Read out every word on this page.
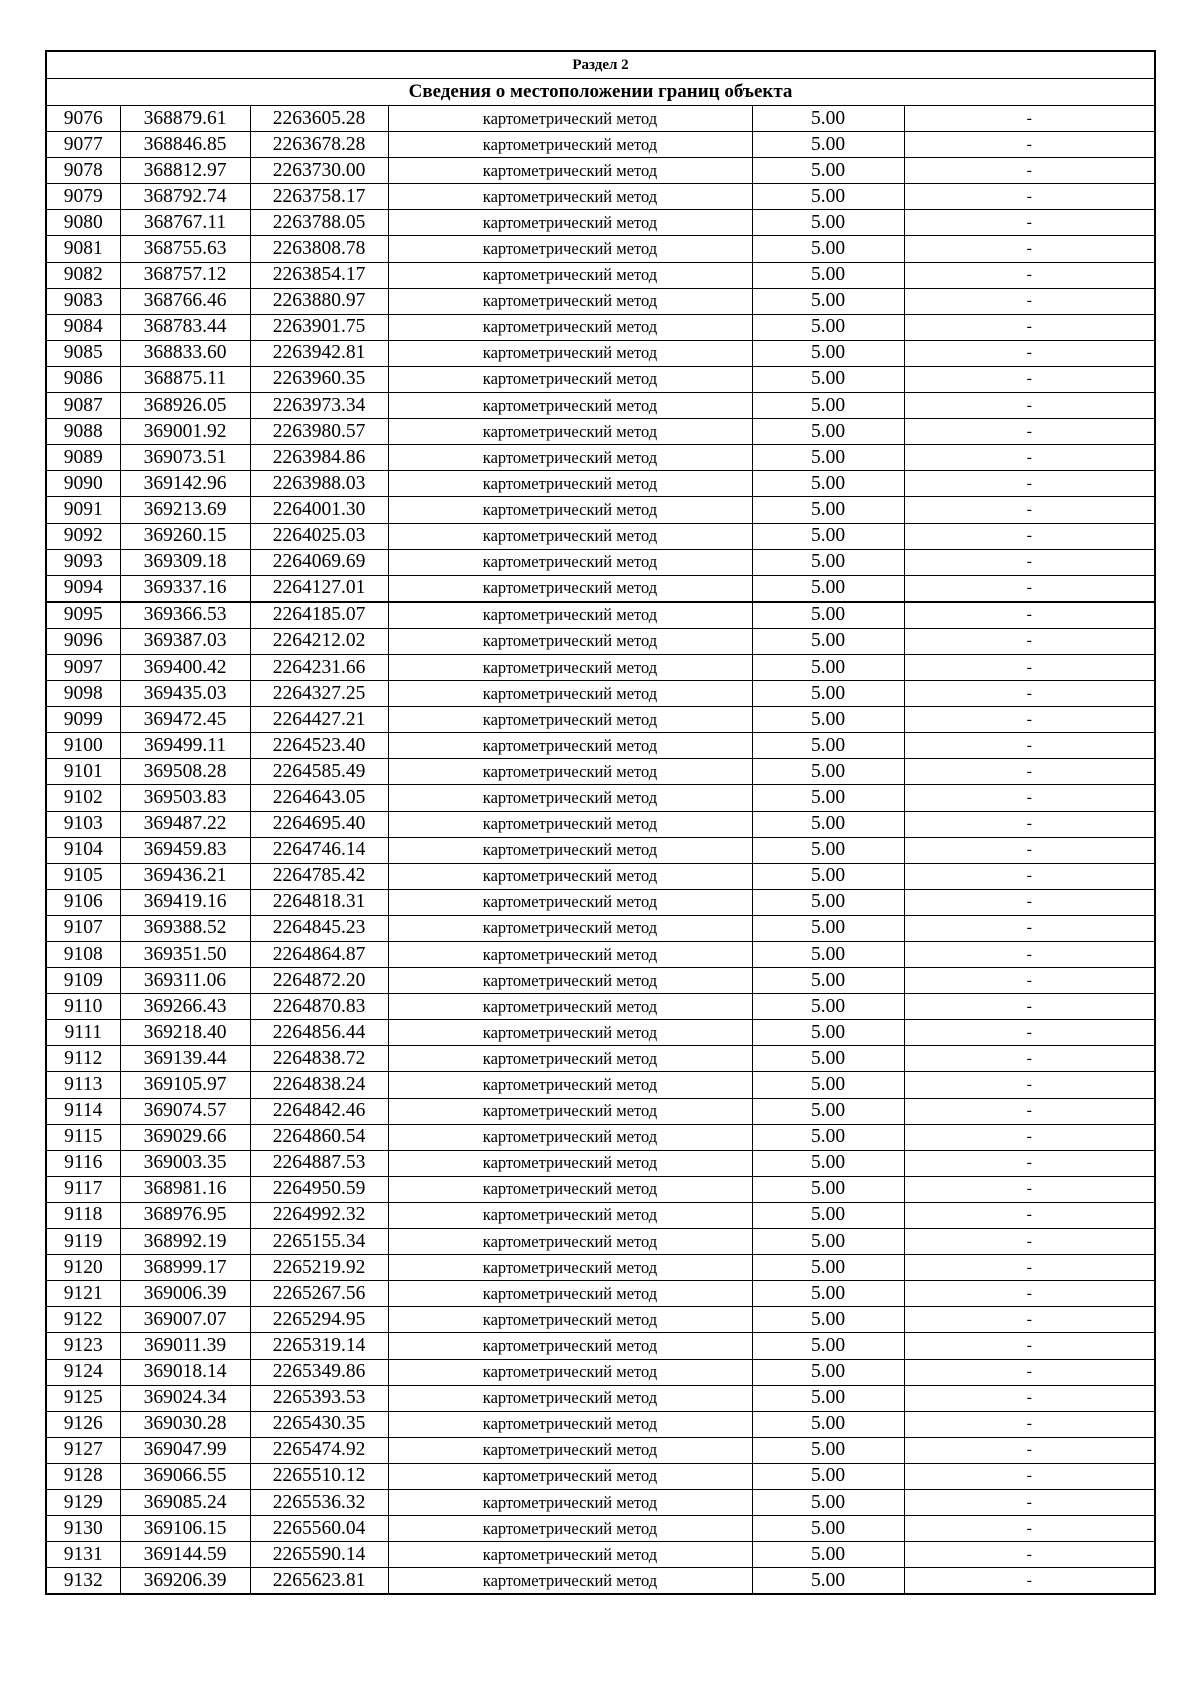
Раздел 2					
Сведения о местоположении границ объекта					
9076	368879.61	2263605.28	картометрический метод	5.00	-
9077	368846.85	2263678.28	картометрический метод	5.00	-
9078	368812.97	2263730.00	картометрический метод	5.00	-
9079	368792.74	2263758.17	картометрический метод	5.00	-
9080	368767.11	2263788.05	картометрический метод	5.00	-
9081	368755.63	2263808.78	картометрический метод	5.00	-
9082	368757.12	2263854.17	картометрический метод	5.00	-
9083	368766.46	2263880.97	картометрический метод	5.00	-
9084	368783.44	2263901.75	картометрический метод	5.00	-
9085	368833.60	2263942.81	картометрический метод	5.00	-
9086	368875.11	2263960.35	картометрический метод	5.00	-
9087	368926.05	2263973.34	картометрический метод	5.00	-
9088	369001.92	2263980.57	картометрический метод	5.00	-
9089	369073.51	2263984.86	картометрический метод	5.00	-
9090	369142.96	2263988.03	картометрический метод	5.00	-
9091	369213.69	2264001.30	картометрический метод	5.00	-
9092	369260.15	2264025.03	картометрический метод	5.00	-
9093	369309.18	2264069.69	картометрический метод	5.00	-
9094	369337.16	2264127.01	картометрический метод	5.00	-
9095	369366.53	2264185.07	картометрический метод	5.00	-
9096	369387.03	2264212.02	картометрический метод	5.00	-
9097	369400.42	2264231.66	картометрический метод	5.00	-
9098	369435.03	2264327.25	картометрический метод	5.00	-
9099	369472.45	2264427.21	картометрический метод	5.00	-
9100	369499.11	2264523.40	картометрический метод	5.00	-
9101	369508.28	2264585.49	картометрический метод	5.00	-
9102	369503.83	2264643.05	картометрический метод	5.00	-
9103	369487.22	2264695.40	картометрический метод	5.00	-
9104	369459.83	2264746.14	картометрический метод	5.00	-
9105	369436.21	2264785.42	картометрический метод	5.00	-
9106	369419.16	2264818.31	картометрический метод	5.00	-
9107	369388.52	2264845.23	картометрический метод	5.00	-
9108	369351.50	2264864.87	картометрический метод	5.00	-
9109	369311.06	2264872.20	картометрический метод	5.00	-
9110	369266.43	2264870.83	картометрический метод	5.00	-
9111	369218.40	2264856.44	картометрический метод	5.00	-
9112	369139.44	2264838.72	картометрический метод	5.00	-
9113	369105.97	2264838.24	картометрический метод	5.00	-
9114	369074.57	2264842.46	картометрический метод	5.00	-
9115	369029.66	2264860.54	картометрический метод	5.00	-
9116	369003.35	2264887.53	картометрический метод	5.00	-
9117	368981.16	2264950.59	картометрический метод	5.00	-
9118	368976.95	2264992.32	картометрический метод	5.00	-
9119	368992.19	2265155.34	картометрический метод	5.00	-
9120	368999.17	2265219.92	картометрический метод	5.00	-
9121	369006.39	2265267.56	картометрический метод	5.00	-
9122	369007.07	2265294.95	картометрический метод	5.00	-
9123	369011.39	2265319.14	картометрический метод	5.00	-
9124	369018.14	2265349.86	картометрический метод	5.00	-
9125	369024.34	2265393.53	картометрический метод	5.00	-
9126	369030.28	2265430.35	картометрический метод	5.00	-
9127	369047.99	2265474.92	картометрический метод	5.00	-
9128	369066.55	2265510.12	картометрический метод	5.00	-
9129	369085.24	2265536.32	картометрический метод	5.00	-
9130	369106.15	2265560.04	картометрический метод	5.00	-
9131	369144.59	2265590.14	картометрический метод	5.00	-
9132	369206.39	2265623.81	картометрический метод	5.00	-
